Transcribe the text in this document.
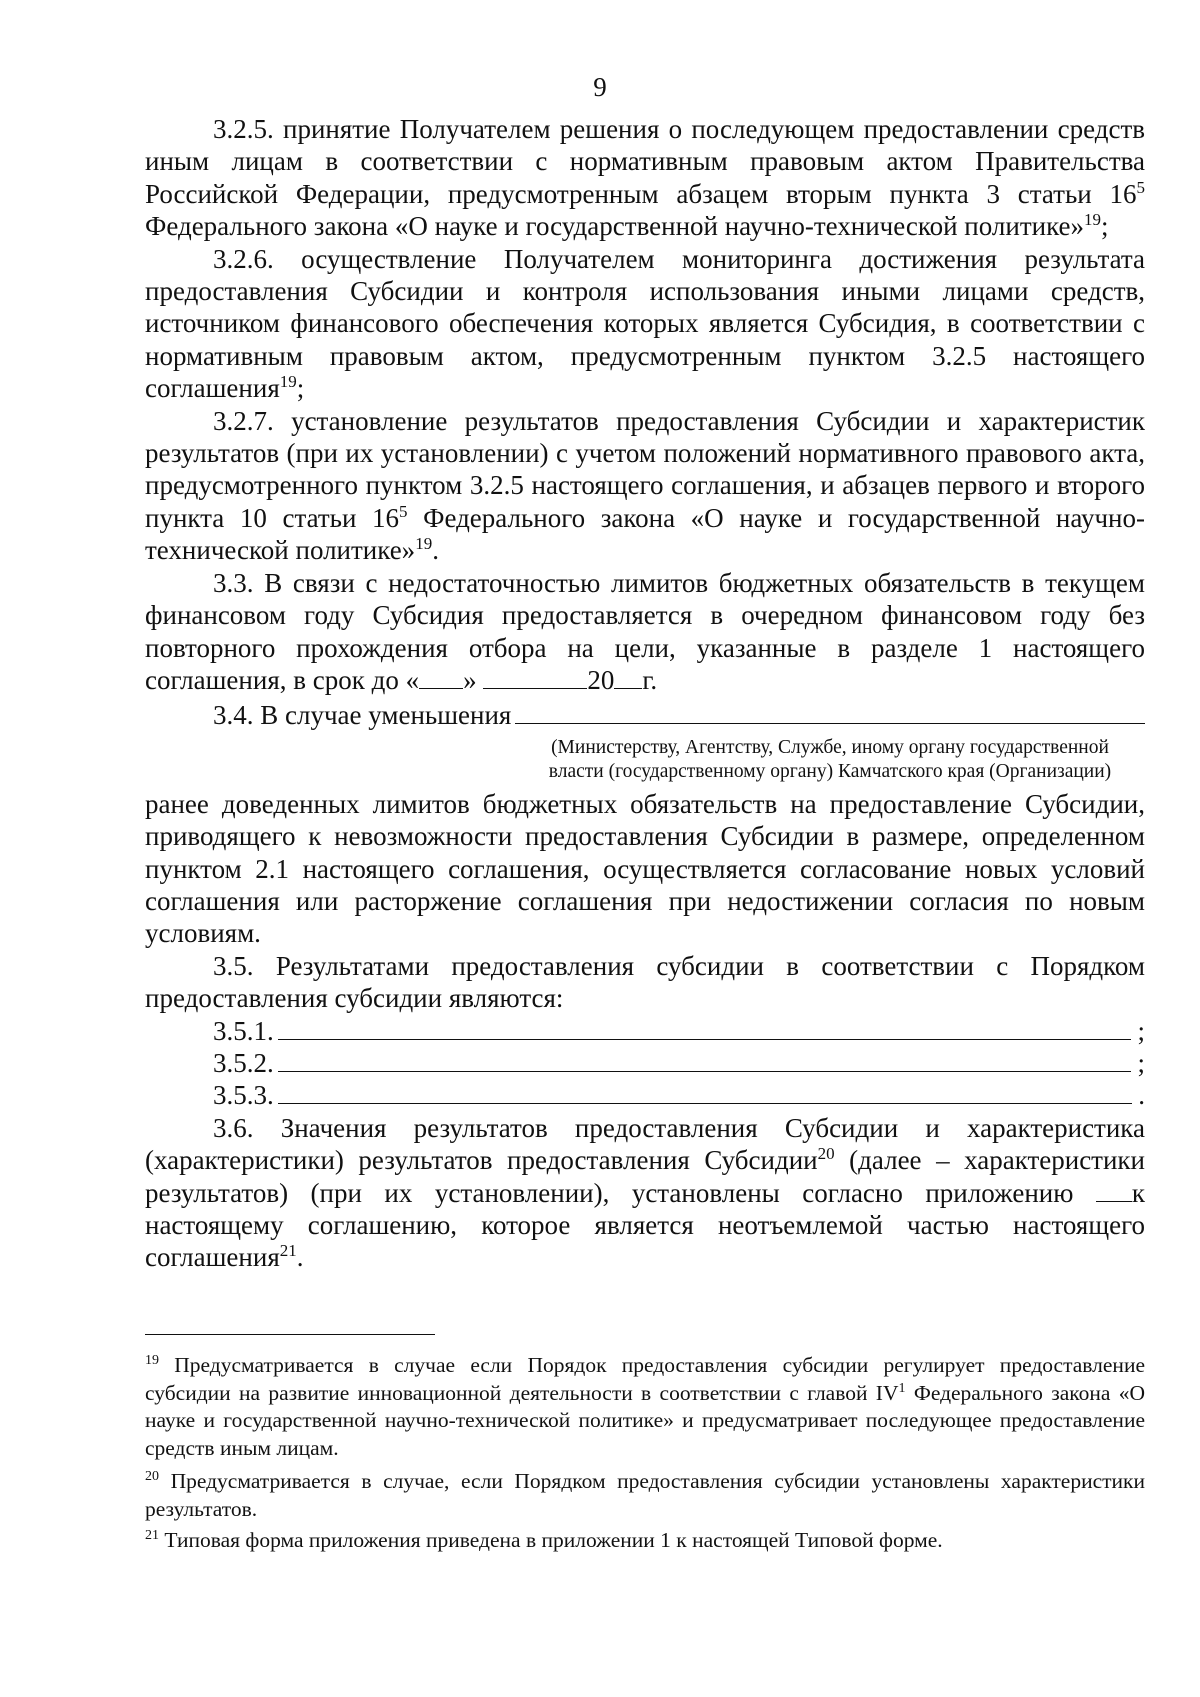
9

3.2.5. принятие Получателем решения о последующем предоставлении средств иным лицам в соответствии с нормативным правовым актом Правительства Российской Федерации, предусмотренным абзацем вторым пункта 3 статьи $16^5$ Федерального закона «О науке и государственной научно-технической политике»$^{19}$;

3.2.6. осуществление Получателем мониторинга достижения результата предоставления Субсидии и контроля использования иными лицами средств, источником финансового обеспечения которых является Субсидия, в соответствии с нормативным правовым актом, предусмотренным пунктом 3.2.5 настоящего соглашения$^{19}$;

3.2.7. установление результатов предоставления Субсидии и характеристик результатов (при их установлении) с учетом положений нормативного правового акта, предусмотренного пунктом 3.2.5 настоящего соглашения, и абзацев первого и второго пункта 10 статьи $16^5$ Федерального закона «О науке и государственной научно-технической политике»$^{19}$.

3.3. В связи с недостаточностью лимитов бюджетных обязательств в текущем финансовом году Субсидия предоставляется в очередном финансовом году без повторного прохождения отбора на цели, указанные в разделе 1 настоящего соглашения, в срок до « »	20 г.

3.4. В случае уменьшения
(Министерству, Агентству, Службе, иному органу государственной
власти (государственному органу) Камчатского края (Организации)

ранее доведенных лимитов бюджетных обязательств на предоставление Субсидии, приводящего к невозможности предоставления Субсидии в размере, определенном пунктом 2.1 настоящего соглашения, осуществляется согласование новых условий соглашения или расторжение соглашения при недостижении согласия по новым условиям.

3.5. Результатами предоставления субсидии в соответствии с Порядком предоставления субсидии являются:

3.5.1.	;
3.5.2.	;
3.5.3.	.

3.6. Значения результатов предоставления Субсидии и характеристика (характеристики) результатов предоставления Субсидии$^{20}$ (далее – характеристики результатов) (при их установлении), установлены согласно приложению к настоящему соглашению, которое является неотъемлемой частью настоящего соглашения$^{21}$.

$^{19}$ Предусматривается в случае если Порядок предоставления субсидии регулирует предоставление субсидии на развитие инновационной деятельности в соответствии с главой $IV^1$ Федерального закона «О науке и государственной научно-технической политике» и предусматривает последующее предоставление средств иным лицам.

$^{20}$ Предусматривается в случае, если Порядком предоставления субсидии установлены характеристики результатов.

$^{21}$ Типовая форма приложения приведена в приложении 1 к настоящей Типовой форме.
